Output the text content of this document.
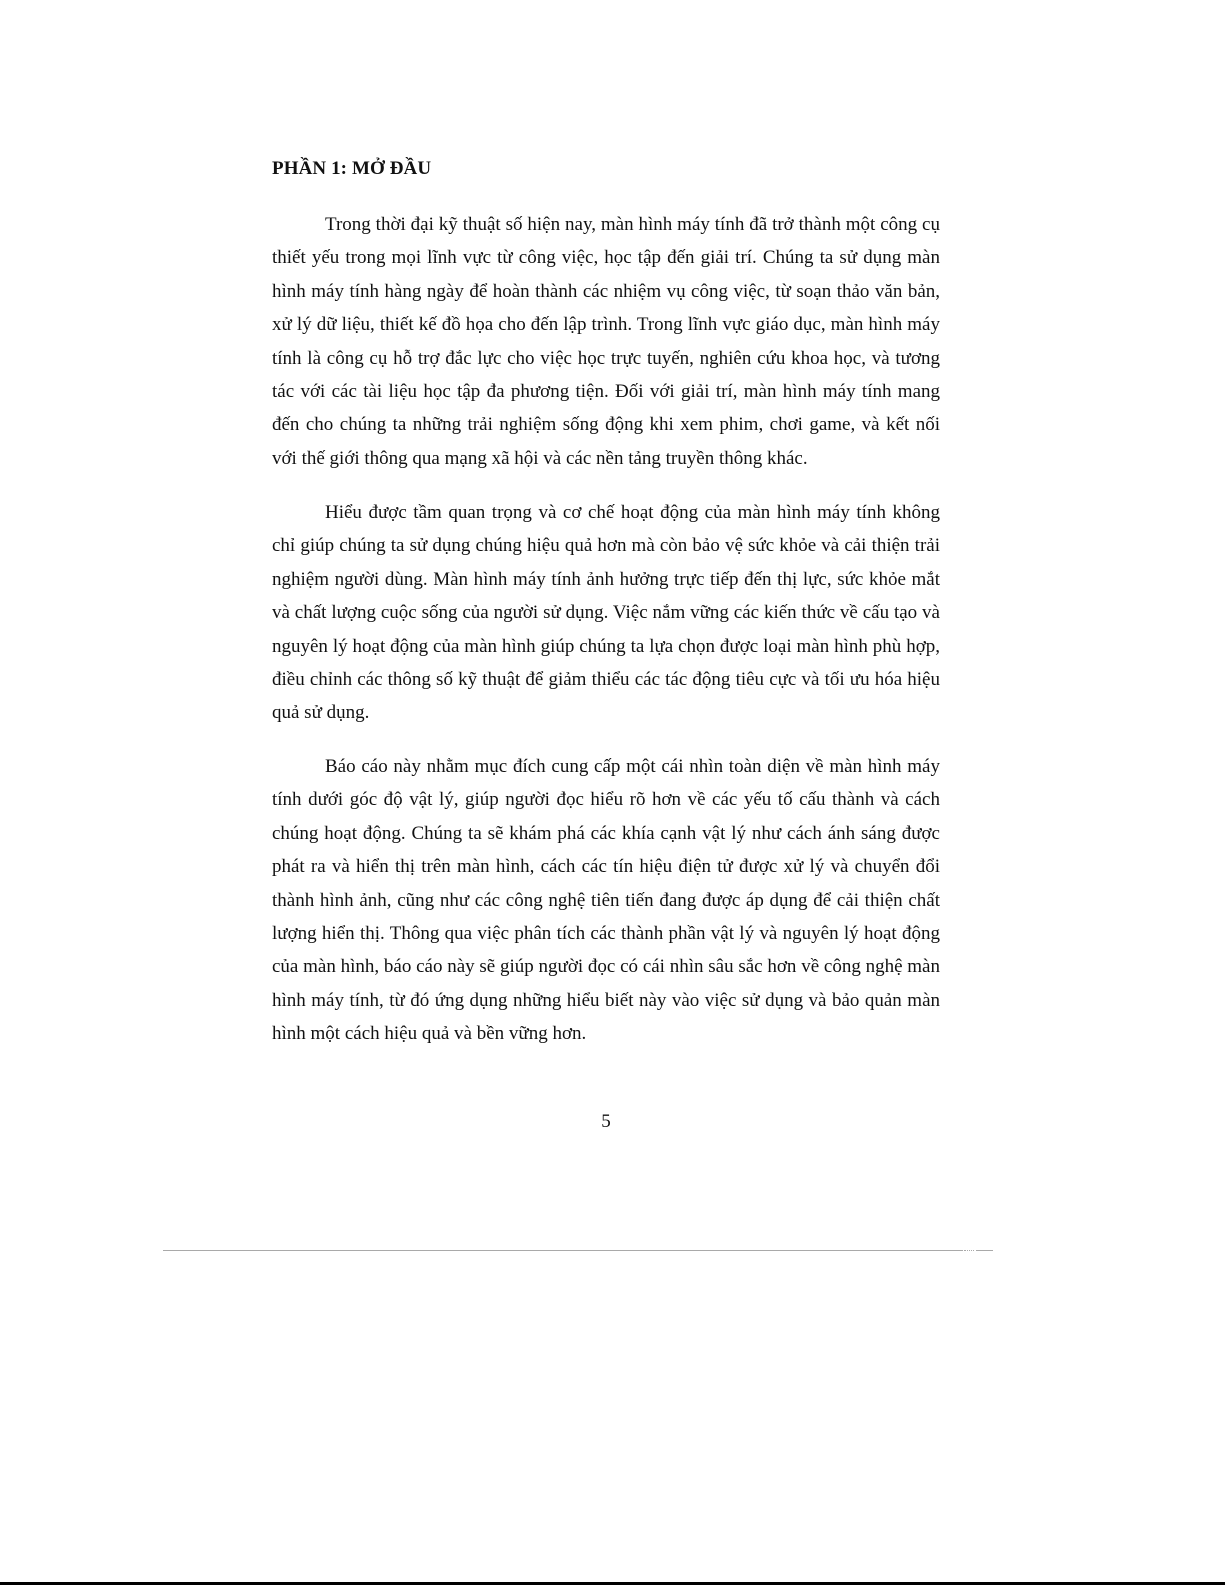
PHẦN 1: MỞ ĐẦU

Trong thời đại kỹ thuật số hiện nay, màn hình máy tính đã trở thành một công cụ thiết yếu trong mọi lĩnh vực từ công việc, học tập đến giải trí. Chúng ta sử dụng màn hình máy tính hàng ngày để hoàn thành các nhiệm vụ công việc, từ soạn thảo văn bản, xử lý dữ liệu, thiết kế đồ họa cho đến lập trình. Trong lĩnh vực giáo dục, màn hình máy tính là công cụ hỗ trợ đắc lực cho việc học trực tuyến, nghiên cứu khoa học, và tương tác với các tài liệu học tập đa phương tiện. Đối với giải trí, màn hình máy tính mang đến cho chúng ta những trải nghiệm sống động khi xem phim, chơi game, và kết nối với thế giới thông qua mạng xã hội và các nền tảng truyền thông khác.

Hiểu được tầm quan trọng và cơ chế hoạt động của màn hình máy tính không chỉ giúp chúng ta sử dụng chúng hiệu quả hơn mà còn bảo vệ sức khỏe và cải thiện trải nghiệm người dùng. Màn hình máy tính ảnh hưởng trực tiếp đến thị lực, sức khỏe mắt và chất lượng cuộc sống của người sử dụng. Việc nắm vững các kiến thức về cấu tạo và nguyên lý hoạt động của màn hình giúp chúng ta lựa chọn được loại màn hình phù hợp, điều chỉnh các thông số kỹ thuật để giảm thiểu các tác động tiêu cực và tối ưu hóa hiệu quả sử dụng.

Báo cáo này nhằm mục đích cung cấp một cái nhìn toàn diện về màn hình máy tính dưới góc độ vật lý, giúp người đọc hiểu rõ hơn về các yếu tố cấu thành và cách chúng hoạt động. Chúng ta sẽ khám phá các khía cạnh vật lý như cách ánh sáng được phát ra và hiển thị trên màn hình, cách các tín hiệu điện tử được xử lý và chuyển đổi thành hình ảnh, cũng như các công nghệ tiên tiến đang được áp dụng để cải thiện chất lượng hiển thị. Thông qua việc phân tích các thành phần vật lý và nguyên lý hoạt động của màn hình, báo cáo này sẽ giúp người đọc có cái nhìn sâu sắc hơn về công nghệ màn hình máy tính, từ đó ứng dụng những hiểu biết này vào việc sử dụng và bảo quản màn hình một cách hiệu quả và bền vững hơn.

5
